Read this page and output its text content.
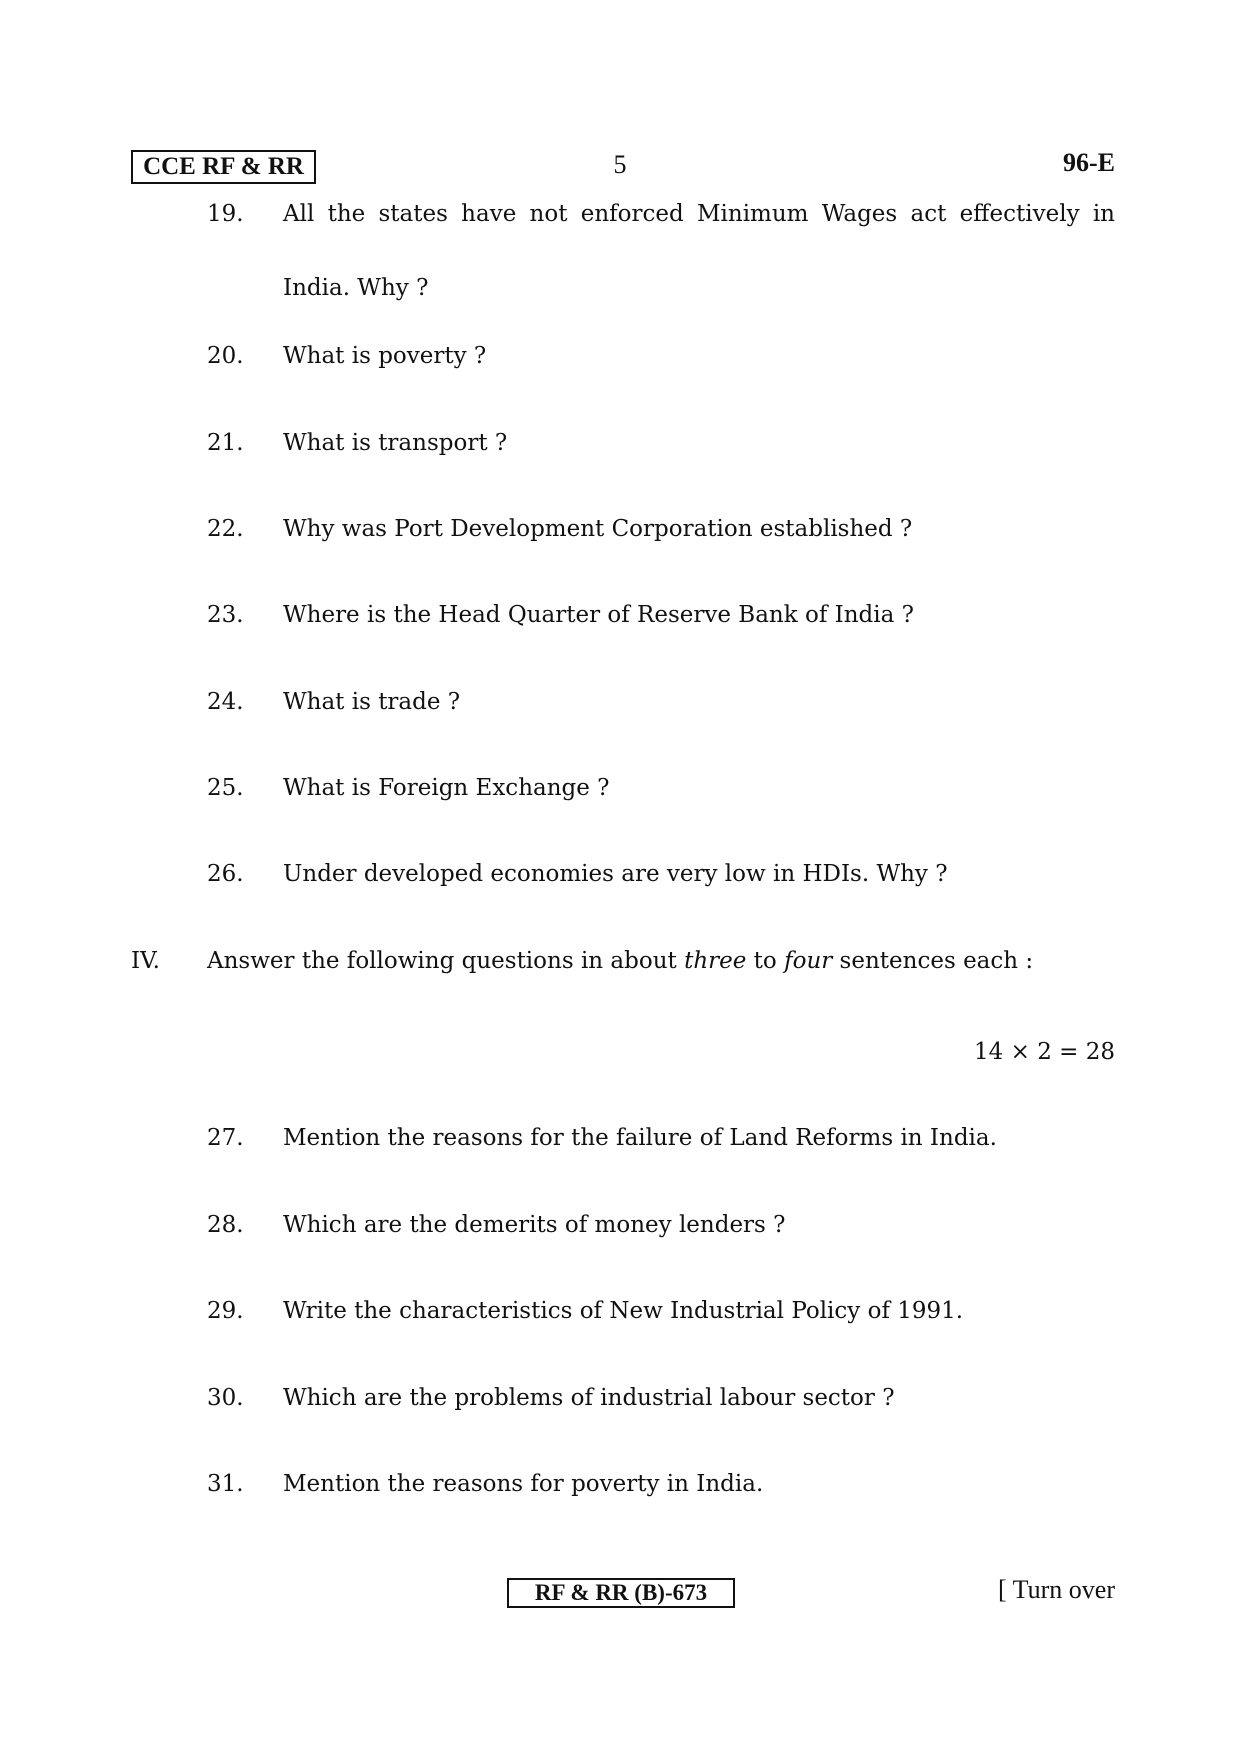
CCE RF & RR	5	96-E
19. All the states have not enforced Minimum Wages act effectively in
India. Why ?
20. What is poverty ?
21. What is transport ?
22. Why was Port Development Corporation established ?
23. Where is the Head Quarter of Reserve Bank of India ?
24. What is trade ?
25. What is Foreign Exchange ?
26. Under developed economies are very low in HDIs. Why ?
IV. Answer the following questions in about three to four sentences each :
14 × 2 = 28
27. Mention the reasons for the failure of Land Reforms in India.
28. Which are the demerits of money lenders ?
29. Write the characteristics of New Industrial Policy of 1991.
30. Which are the problems of industrial labour sector ?
31. Mention the reasons for poverty in India.
RF & RR (B)-673	[ Turn over
